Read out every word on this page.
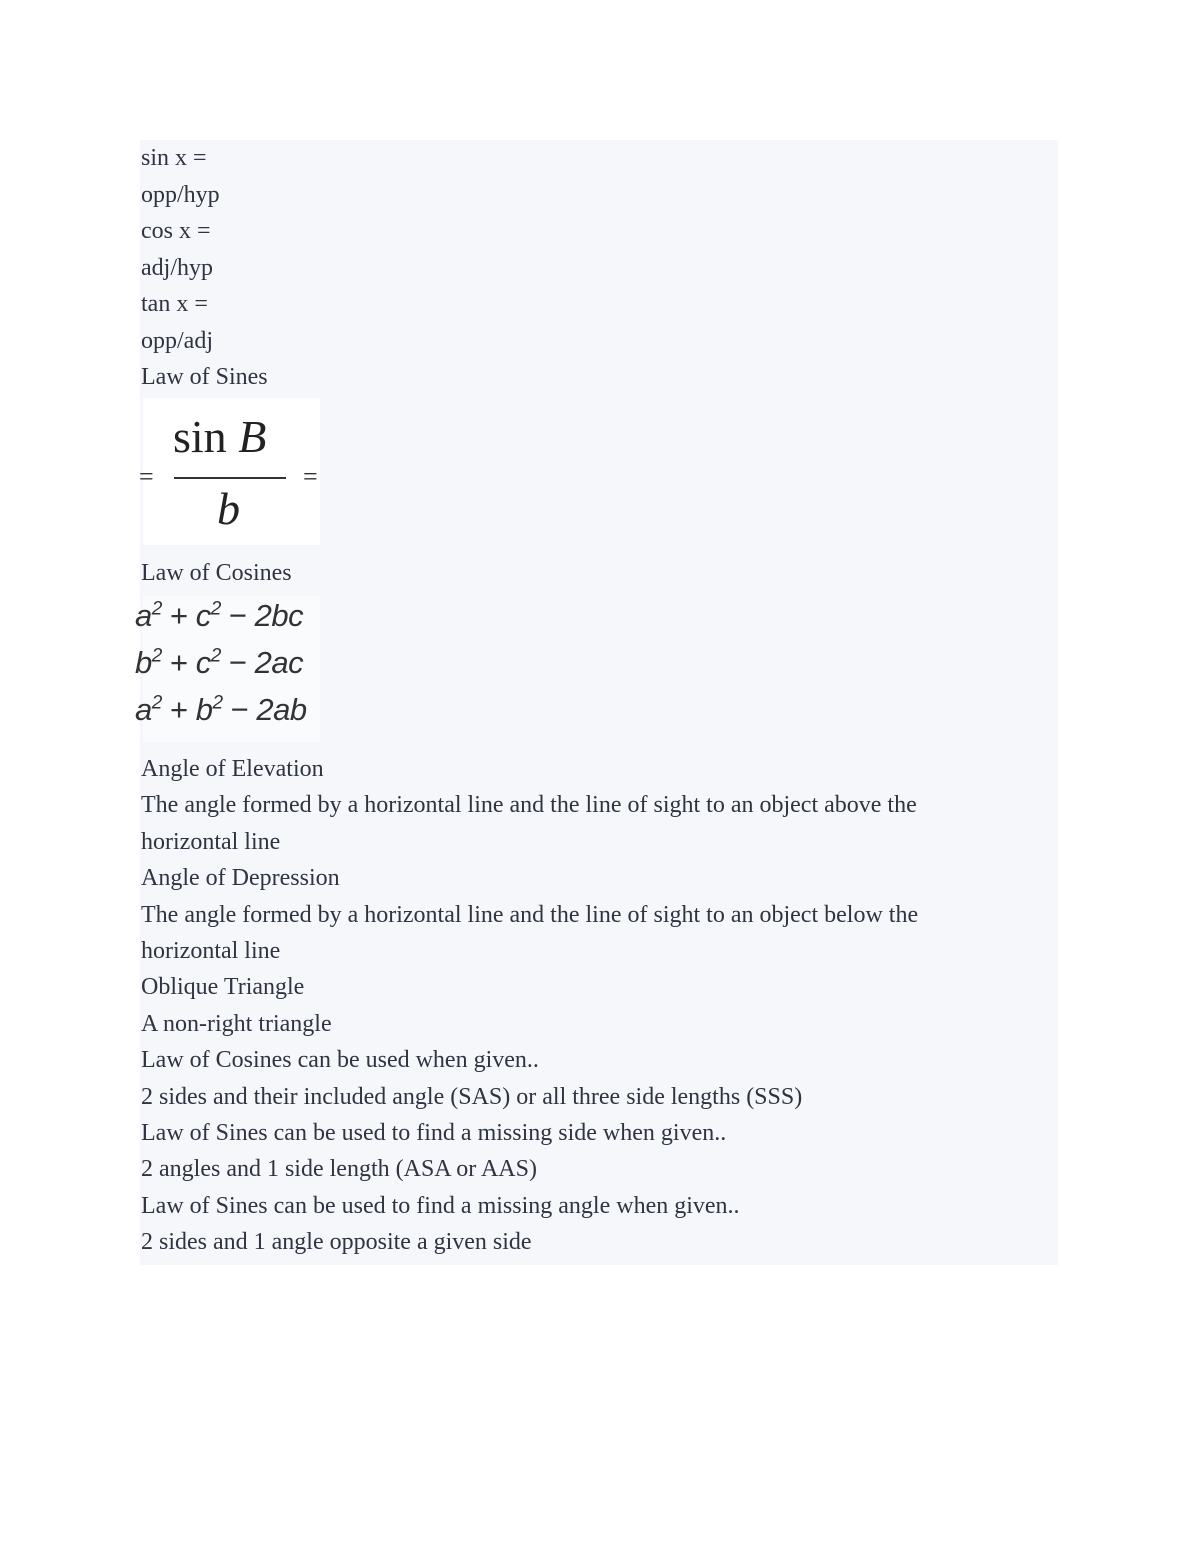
sin x =
opp/hyp
cos x =
adj/hyp
tan x =
opp/adj
Law of Sines
=
sin B
b
=
Law of Cosines
$a^2 + c^2 - 2bc$
$b^2 + c^2 - 2ac$
$a^2 + b^2 - 2ab$
Angle of Elevation
The angle formed by a horizontal line and the line of sight to an object above the
horizontal line
Angle of Depression
The angle formed by a horizontal line and the line of sight to an object below the
horizontal line
Oblique Triangle
A non-right triangle
Law of Cosines can be used when given..
2 sides and their included angle (SAS) or all three side lengths (SSS)
Law of Sines can be used to find a missing side when given..
2 angles and 1 side length (ASA or AAS)
Law of Sines can be used to find a missing angle when given..
2 sides and 1 angle opposite a given side
